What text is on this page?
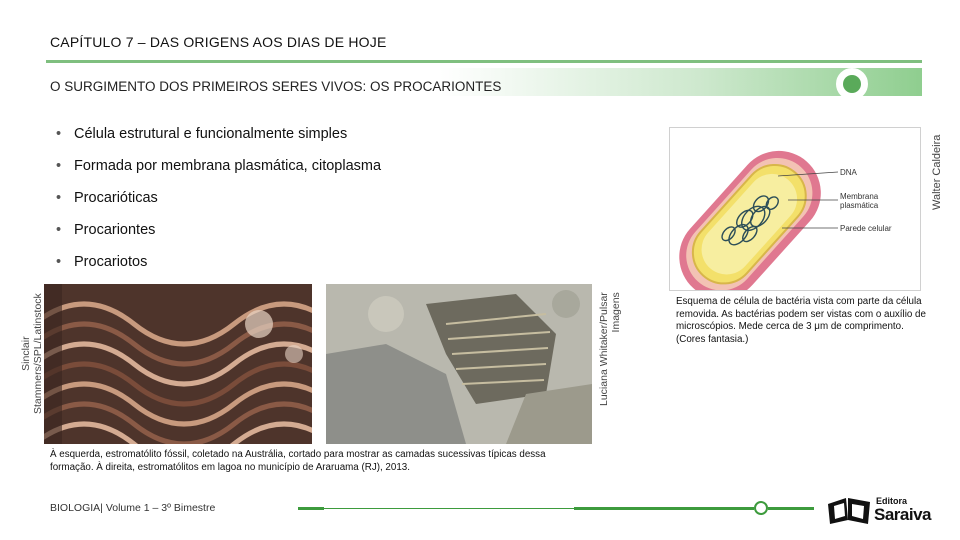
CAPÍTULO 7 – DAS ORIGENS AOS DIAS DE HOJE
O SURGIMENTO DOS PRIMEIROS SERES VIVOS: OS PROCARIONTES
• Célula estrutural e funcionalmente simples
• Formada por membrana plasmática, citoplasma
• Procarióticas
• Procariontes
• Procariotos
DNA
Membrana
plasmática
Parede celular
Walter Caldeira
Esquema de célula de bactéria vista com parte da célula removida. As bactérias podem ser vistas com o auxílio de microscópios. Mede cerca de 3 μm de comprimento. (Cores fantasia.)
Sinclair Stammers/SPL/Latinstock	Luciana Whitaker/Pulsar Imagens
À esquerda, estromatólito fóssil, coletado na Austrália, cortado para mostrar as camadas sucessivas típicas dessa formação. À direita, estromatólitos em lagoa no município de Araruama (RJ), 2013.
BIOLOGIA| Volume 1 – 3º Bimestre
Editora
Saraiva
